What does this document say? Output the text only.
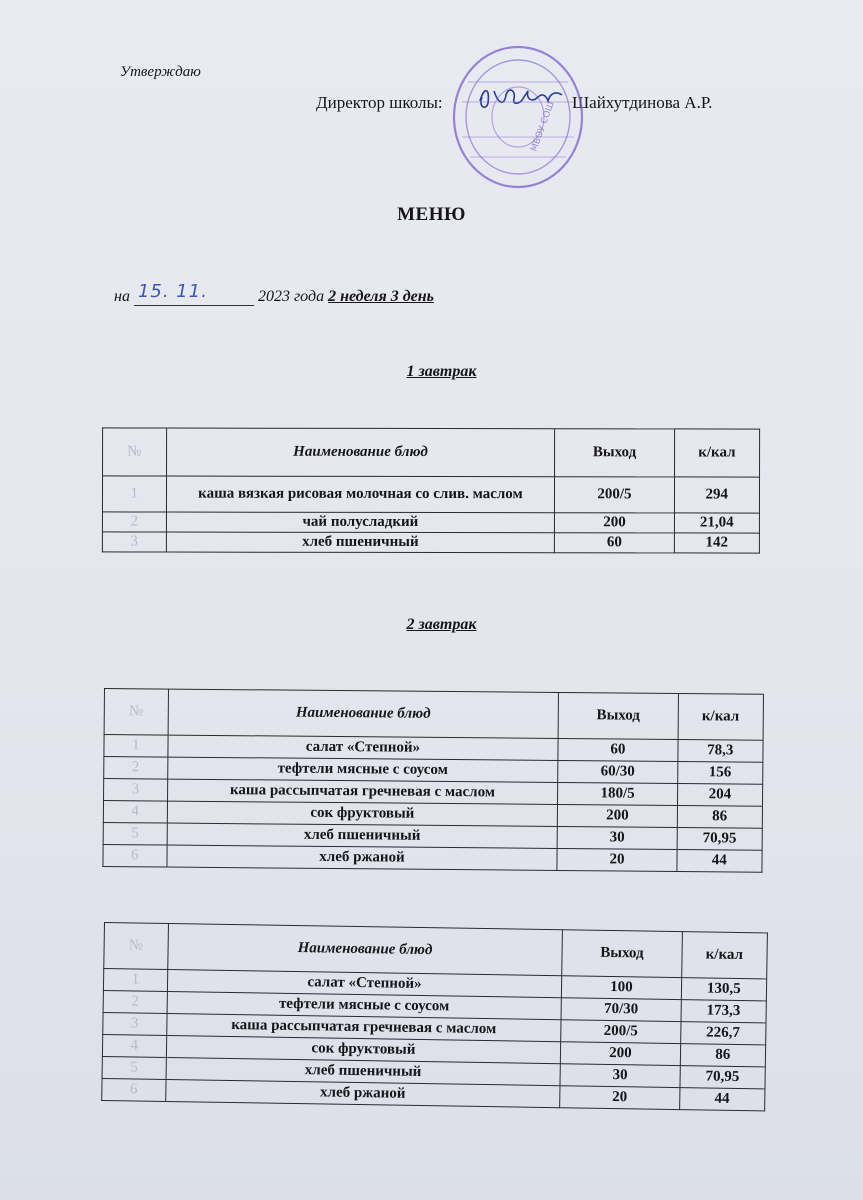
Утверждаю
Директор школы:	Шайхутдинова А.Р.
МБОУ СОШ
МЕНЮ
на 15. 11.	2023 года 2 неделя 3 день
1 завтрак
2 завтрак
№	Наименование блюд	Выход	к/кал
1	каша вязкая рисовая молочная со слив. маслом	200/5	294
2	чай полусладкий	200	21,04
3	хлеб пшеничный	60	142
№	Наименование блюд	Выход	к/кал
1	салат «Степной»	60	78,3
2	тефтели мясные с соусом	60/30	156
3	каша рассыпчатая гречневая с маслом	180/5	204
4	сок фруктовый	200	86
5	хлеб пшеничный	30	70,95
6	хлеб ржаной	20	44
№	Наименование блюд	Выход	к/кал
1	салат «Степной»	100	130,5
2	тефтели мясные с соусом	70/30	173,3
3	каша рассыпчатая гречневая с маслом	200/5	226,7
4	сок фруктовый	200	86
5	хлеб пшеничный	30	70,95
6	хлеб ржаной	20	44
